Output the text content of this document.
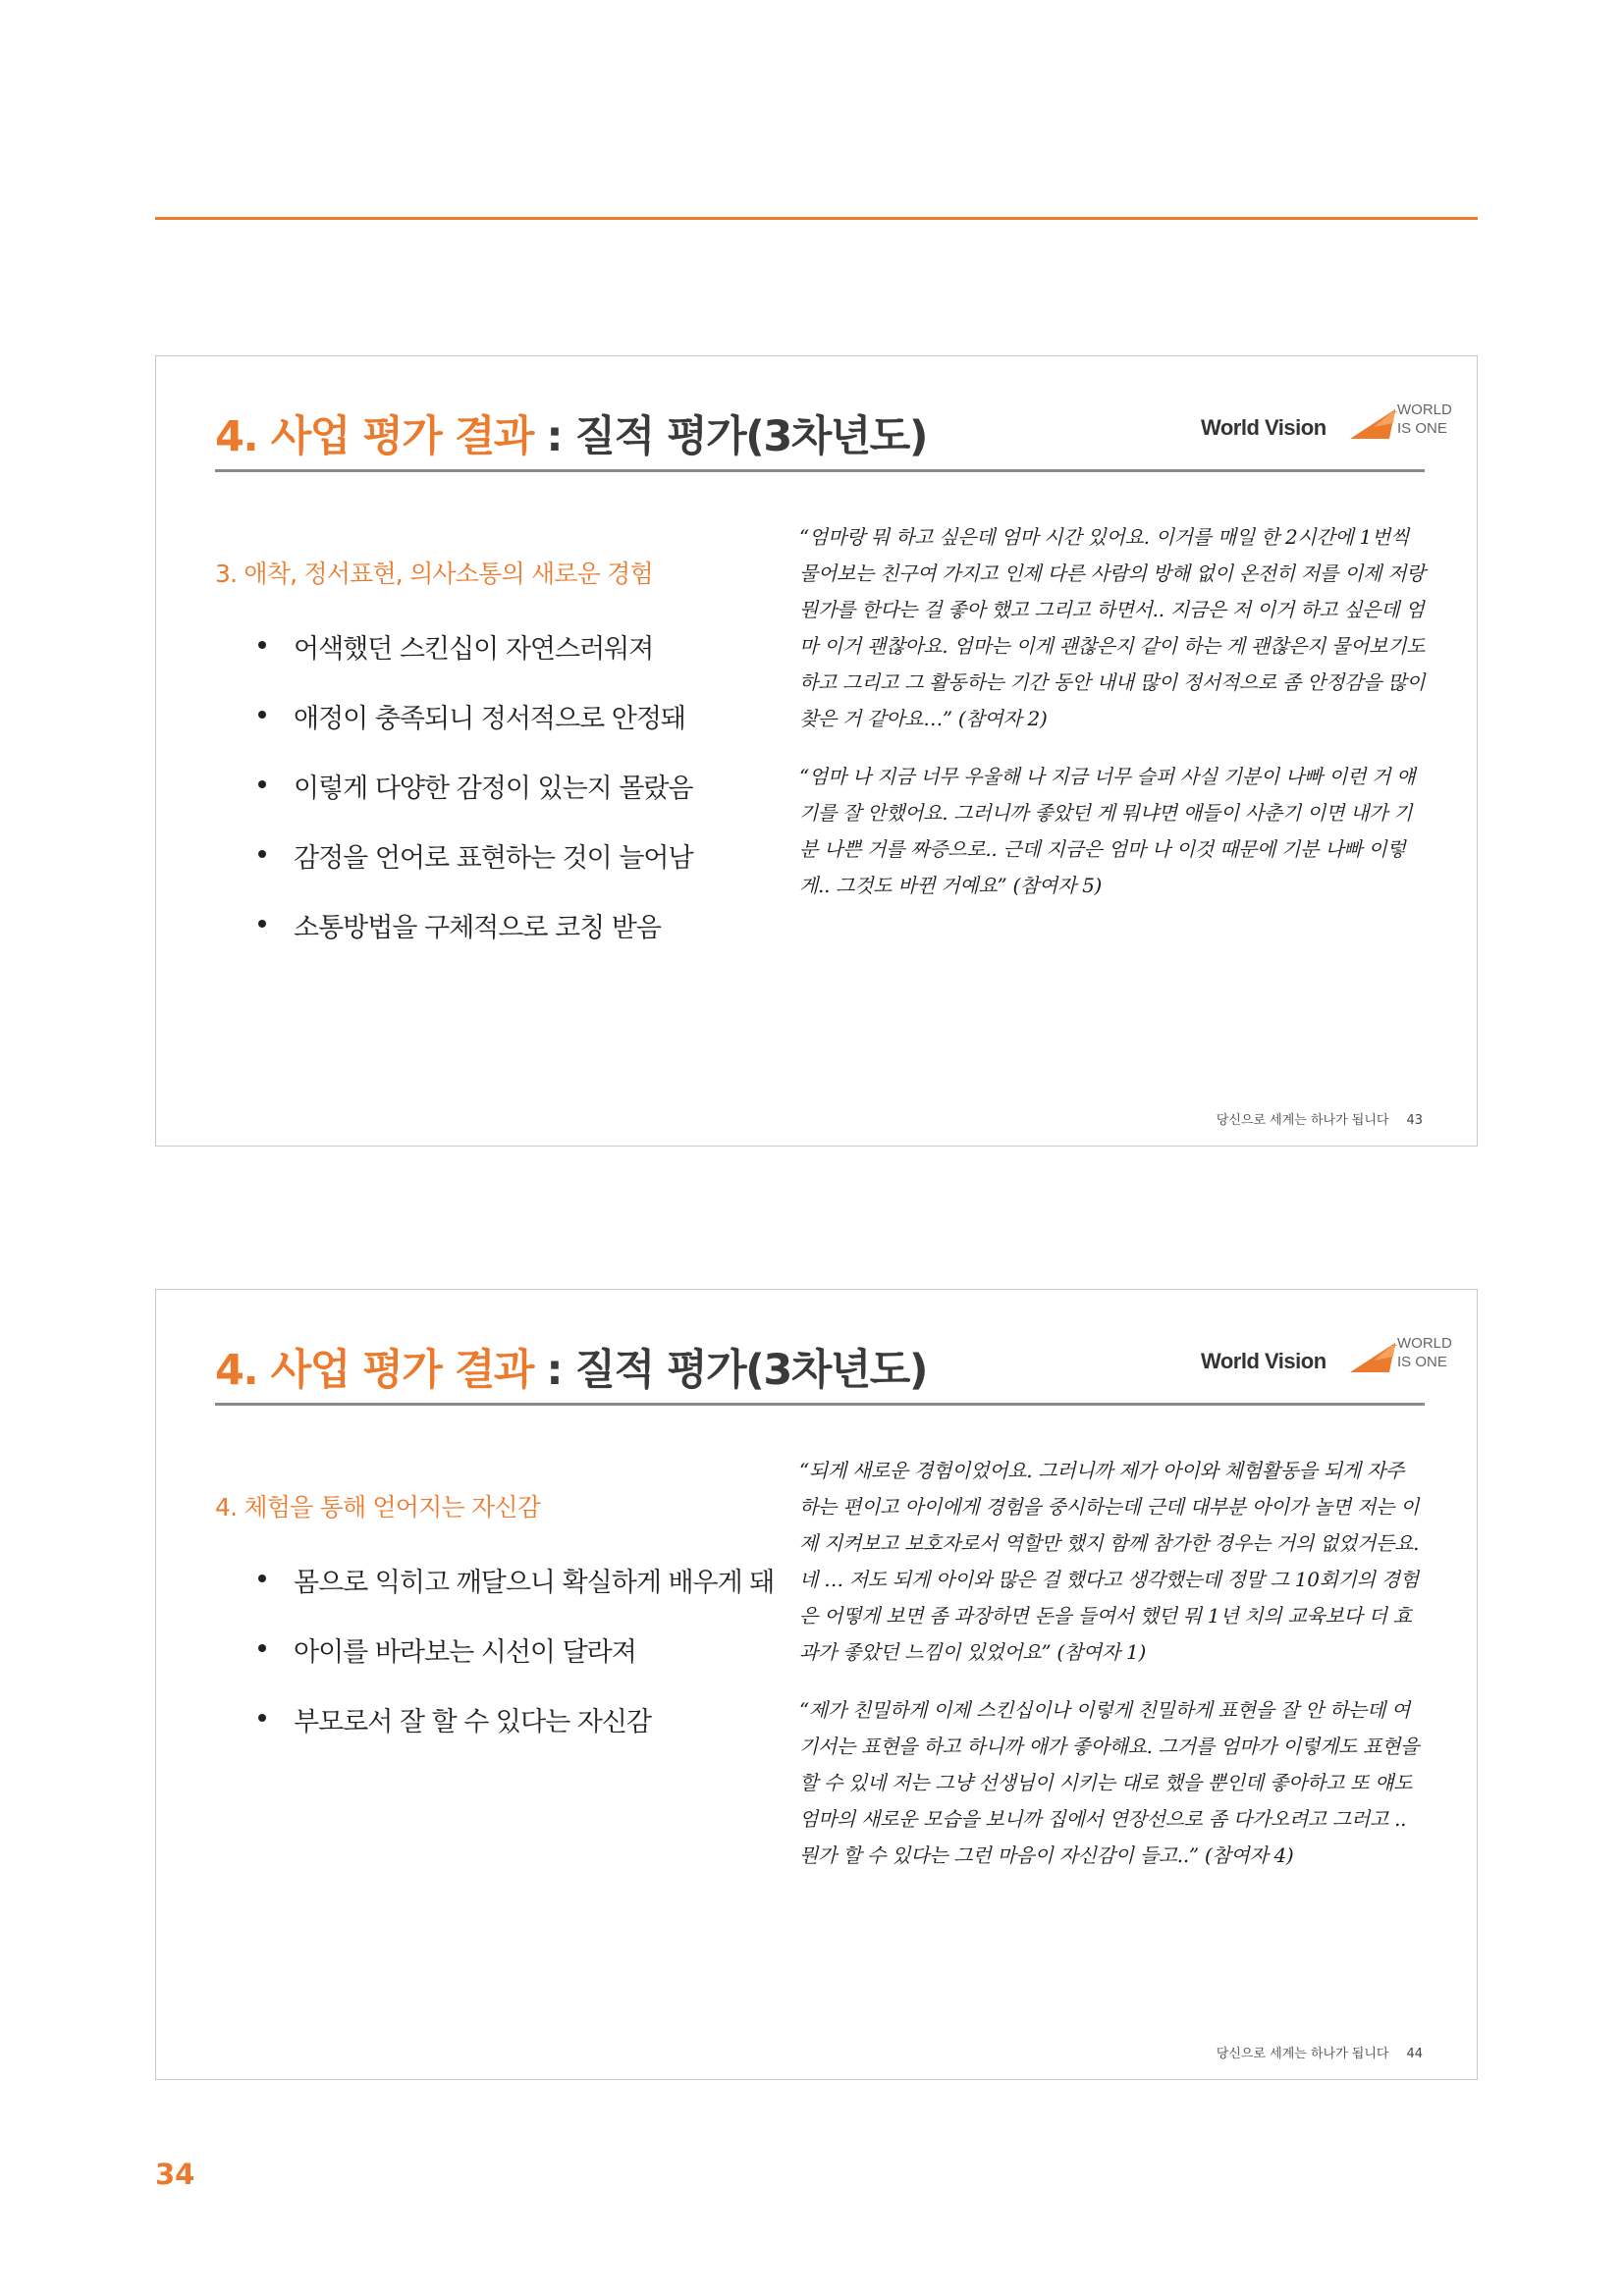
4. 사업 평가 결과 : 질적 평가(3차년도)	World Vision
+ WORLD
IS ONE
3. 애착, 정서표현, 의사소통의 새로운 경험
어색했던 스킨십이 자연스러워져
애정이 충족되니 정서적으로 안정돼
이렇게 다양한 감정이 있는지 몰랐음
감정을 언어로 표현하는 것이 늘어남
소통방법을 구체적으로 코칭 받음

“엄마랑 뭐 하고 싶은데 엄마 시간 있어요. 이거를 매일 한 2시간에 1번씩 물어보는 친구여 가지고 인제 다른 사람의 방해 없이 온전히 저를 이제 저랑 뭔가를 한다는 걸 좋아 했고 그리고 하면서.. 지금은 저 이거 하고 싶은데 엄마 이거 괜찮아요. 엄마는 이게 괜찮은지 같이 하는 게 괜찮은지 물어보기도 하고 그리고 그 활동하는 기간 동안 내내 많이 정서적으로 좀 안정감을 많이 찾은 거 같아요…” (참여자 2)

“엄마 나 지금 너무 우울해 나 지금 너무 슬퍼 사실 기분이 나빠 이런 거 얘기를 잘 안했어요. 그러니까 좋았던 게 뭐냐면 애들이 사춘기 이면 내가 기분 나쁜 거를 짜증으로.. 근데 지금은 엄마 나 이것 때문에 기분 나빠 이렇게.. 그것도 바뀐 거예요” (참여자 5)

당신으로 세계는 하나가 됩니다 43
4. 사업 평가 결과 : 질적 평가(3차년도)	World Vision
+ WORLD
IS ONE
4. 체험을 통해 얻어지는 자신감
몸으로 익히고 깨달으니 확실하게 배우게 돼
아이를 바라보는 시선이 달라져
부모로서 잘 할 수 있다는 자신감

“되게 새로운 경험이었어요. 그러니까 제가 아이와 체험활동을 되게 자주 하는 편이고 아이에게 경험을 중시하는데 근데 대부분 아이가 놀면 저는 이제 지켜보고 보호자로서 역할만 했지 함께 참가한 경우는 거의 없었거든요. 네 … 저도 되게 아이와 많은 걸 했다고 생각했는데 정말 그 10회기의 경험은 어떻게 보면 좀 과장하면 돈을 들여서 했던 뭐 1년 치의 교육보다 더 효과가 좋았던 느낌이 있었어요” (참여자 1)

“제가 친밀하게 이제 스킨십이나 이렇게 친밀하게 표현을 잘 안 하는데 여기서는 표현을 하고 하니까 애가 좋아해요. 그거를 엄마가 이렇게도 표현을 할 수 있네 저는 그냥 선생님이 시키는 대로 했을 뿐인데 좋아하고 또 얘도 엄마의 새로운 모습을 보니까 집에서 연장선으로 좀 다가오려고 그러고 .. 뭔가 할 수 있다는 그런 마음이 자신감이 들고..” (참여자 4)

당신으로 세계는 하나가 됩니다 44
34
